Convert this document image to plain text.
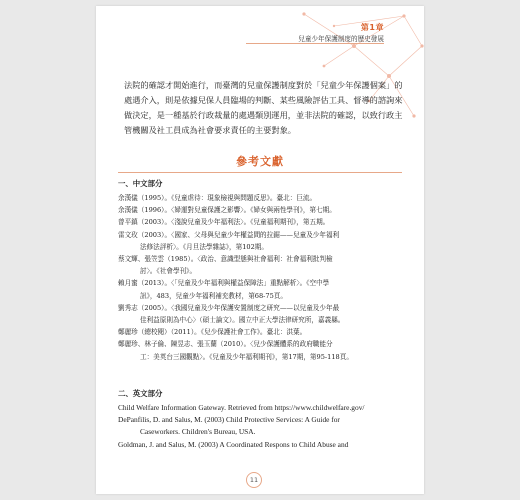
第1章
兒童少年保護制度的歷史發展
法院的確認才開始進行，而臺灣的兒童保護制度對於「兒童少年保護個案」的
處遇介入，則是依據兒保人員臨場的判斷、某些風險評估工具、督導的諮詢來
做決定，是一種基於行政裁量的處遇類別運用，並非法院的確認，以致行政主
管機關及社工員成為社會要求責任的主要對象。
參考文獻
一、中文部分
余漢儀（1995）。《兒童虐待：現象檢視與問題反思》。臺北：巨流。
余漢儀（1996）。〈婦運對兒童保護之影響〉。《婦女與兩性學刊》，第七期。
曾平鎮（2003）。〈淺說兒童及少年福利法〉。《兒童福利期刊》，第五期。
雷文玫（2003）。〈國家、父母與兒童少年權益間的拉鋸——兒童及少年福利
法修法評析〉。《月旦法學雜誌》，第102期。
蔡文輝、張笠雲（1985）。〈政治、意識型態與社會福利：社會福利批判檢
討〉。《社會學刊》。
賴月蜜（2013）。〈「兒童及少年福利與權益保障法」重點解析〉。《空中學
訊》，483，兒童少年福利補充教材，第68-75頁。
劉秀志（2005）。〈我國兒童及少年保護安置制度之研究——以兒童及少年最
佳利益原則為中心〉（碩士論文）。國立中正大學法律研究所，嘉義縣。
鄭麗珍（總校閱）（2011）。《兒少保護社會工作》。臺北：洪葉。
鄭麗珍、林子倫、陳昱志、張玉蘭（2010）。〈兒少保護體系的政府職能分
工：美英台三國觀點〉。《兒童及少年福利期刊》，第17期，第95-118頁。
二、英文部分
Child Welfare Information Gateway. Retrieved from https://www.childwelfare.gov/
DePanfilis, D. and Salus, M. (2003) Child Protective Services: A Guide for
Caseworkers. Children's Bureau, USA.
Goldman, J. and Salus, M. (2003) A Coordinated Respons to Child Abuse and
11
